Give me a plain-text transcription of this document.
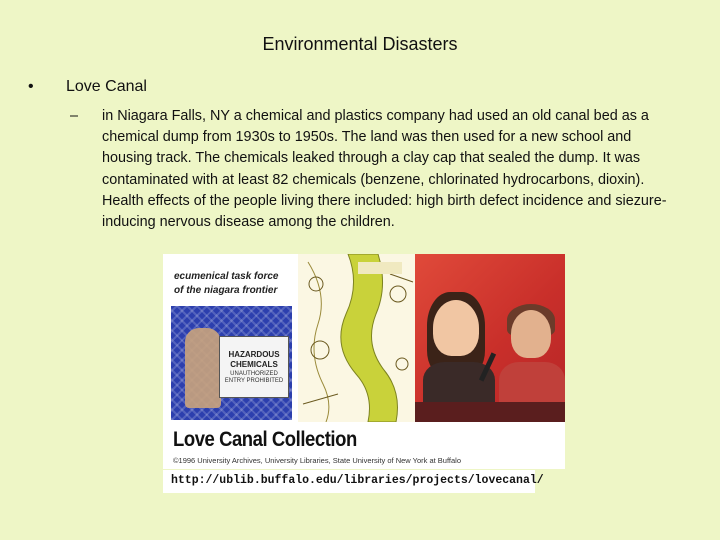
Environmental Disasters
• Love Canal
– in Niagara Falls, NY a chemical and plastics company had used an old canal bed as a chemical dump from 1930s to 1950s. The land was then used for a new school and housing track. The chemicals leaked through a clay cap that sealed the dump. It was contaminated with at least 82 chemicals (benzene, chlorinated hydrocarbons, dioxin). Health effects of the people living there included: high birth defect incidence and siezure-inducing nervous disease among the children.
ecumenical task force
of the niagara frontier
HAZARDOUS
CHEMICALS
UNAUTHORIZED ENTRY PROHIBITED
Love Canal Collection
©1996 University Archives, University Libraries, State University of New York at Buffalo
http://ublib.buffalo.edu/libraries/projects/lovecanal/
